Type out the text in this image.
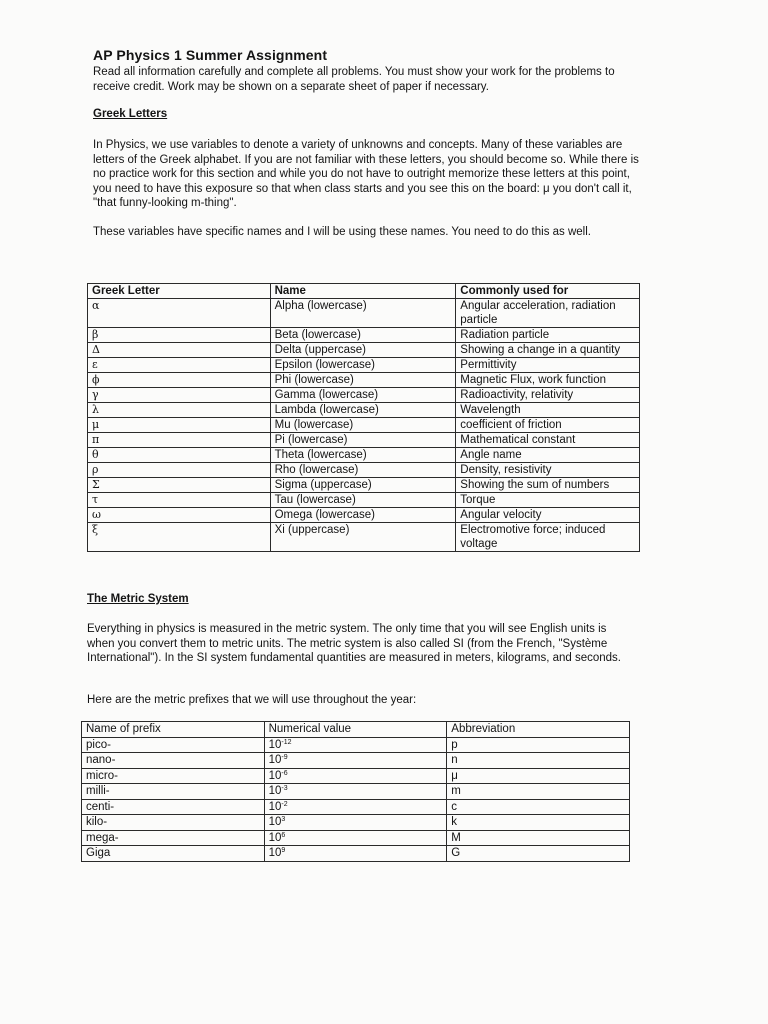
AP Physics 1 Summer Assignment
Read all information carefully and complete all problems. You must show your work for the problems to receive credit. Work may be shown on a separate sheet of paper if necessary.
Greek Letters
In Physics, we use variables to denote a variety of unknowns and concepts. Many of these variables are letters of the Greek alphabet. If you are not familiar with these letters, you should become so. While there is no practice work for this section and while you do not have to outright memorize these letters at this point, you need to have this exposure so that when class starts and you see this on the board: μ you don't call it, "that funny-looking m-thing".
These variables have specific names and I will be using these names. You need to do this as well.
Greek Letter	Name	Commonly used for
α	Alpha (lowercase)	Angular acceleration, radiation particle
β	Beta (lowercase)	Radiation particle
Δ	Delta (uppercase)	Showing a change in a quantity
ε	Epsilon (lowercase)	Permittivity
ϕ	Phi (lowercase)	Magnetic Flux, work function
γ	Gamma (lowercase)	Radioactivity, relativity
λ	Lambda (lowercase)	Wavelength
μ	Mu (lowercase)	coefficient of friction
π	Pi (lowercase)	Mathematical constant
θ	Theta (lowercase)	Angle name
ρ	Rho (lowercase)	Density, resistivity
Σ	Sigma (uppercase)	Showing the sum of numbers
τ	Tau (lowercase)	Torque
ω	Omega (lowercase)	Angular velocity
ξ	Xi (uppercase)	Electromotive force; induced voltage
The Metric System
Everything in physics is measured in the metric system. The only time that you will see English units is when you convert them to metric units. The metric system is also called SI (from the French, "Système International"). In the SI system fundamental quantities are measured in meters, kilograms, and seconds.
Here are the metric prefixes that we will use throughout the year:
Name of prefix	Numerical value	Abbreviation
pico-	$10^{-12}$	p
nano-	$10^{-9}$	n
micro-	$10^{-6}$	μ
milli-	$10^{-3}$	m
centi-	$10^{-2}$	c
kilo-	$10^3$	k
mega-	$10^6$	M
Giga	$10^9$	G
